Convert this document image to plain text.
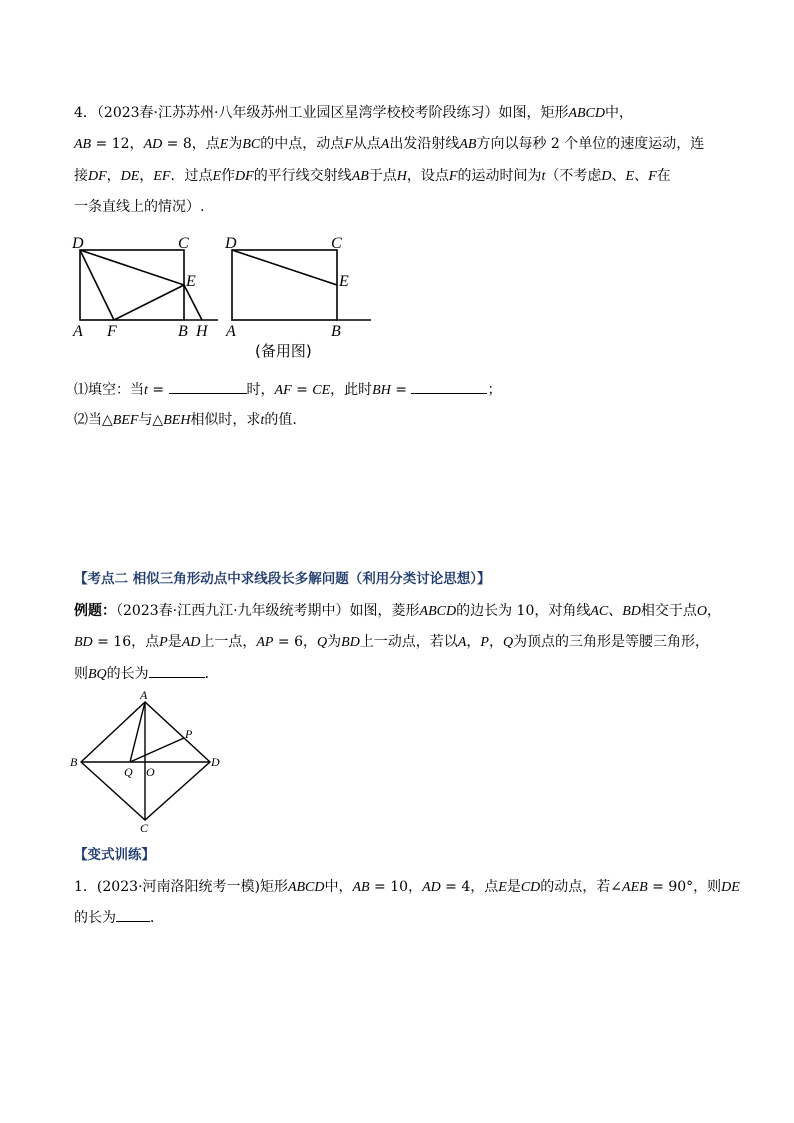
4．（2023春·江苏苏州·八年级苏州工业园区星湾学校校考阶段练习）如图，矩形ABCD中，
AB = 12，AD = 8，点E为BC的中点，动点F从点A出发沿射线AB方向以每秒 2 个单位的速度运动，连
接DF，DE，EF．过点E作DF的平行线交射线AB于点H，设点F的运动时间为t（不考虑D、E、F在
一条直线上的情况）.
D	C
E
A F	B H
D	C
E
A	B
(备用图)
⑴填空：当t =	时，AF = CE，此时BH =	；
⑵当△BEF与△BEH相似时，求t的值.
【考点二 相似三角形动点中求线段长多解问题（利用分类讨论思想）】
例题：（2023春·江西九江·九年级统考期中）如图，菱形ABCD的边长为 10，对角线AC、BD相交于点O，
BD = 16，点P是AD上一点，AP = 6，Q为BD上一动点，若以A，P，Q为顶点的三角形是等腰三角形，
则BQ的长为	．
A
B
C
D
O
P
Q
【变式训练】
1．(2023·河南洛阳统考一模)矩形ABCD中，AB = 10，AD = 4，点E是CD的动点，若∠AEB = 90°，则DE
的长为 ．
